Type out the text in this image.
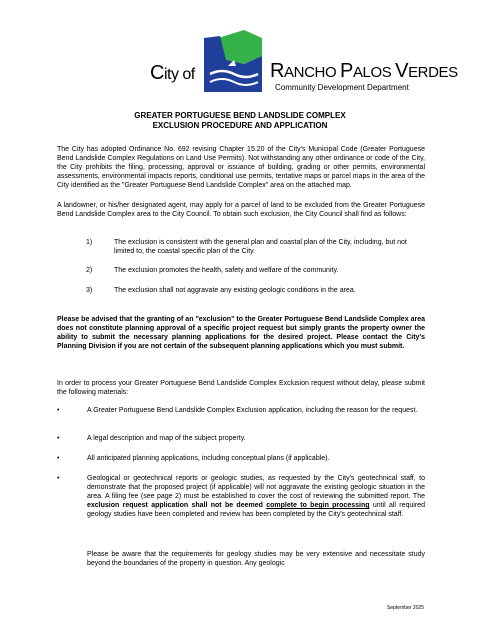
City of	RANCHO PALOS VERDES
Community Development Department
GREATER PORTUGUESE BEND LANDSLIDE COMPLEX
EXCLUSION PROCEDURE AND APPLICATION

The City has adopted Ordinance No. 692 revising Chapter 15.20 of the City's Municipal Code (Greater Portuguese Bend Landslide Complex Regulations on Land Use Permits). Not withstanding any other ordinance or code of the City, the City prohibits the filing, processing, approval or issuance of building, grading or other permits, environmental assessments, environmental impacts reports, conditional use permits, tentative maps or parcel maps in the area of the City identified as the "Greater Portuguese Bend Landslide Complex" area on the attached map.

A landowner, or his/her designated agent, may apply for a parcel of land to be excluded from the Greater Portuguese Bend Landslide Complex area to the City Council. To obtain such exclusion, the City Council shall find as follows:

1)	The exclusion is consistent with the general plan and coastal plan of the City, including, but not limited to, the coastal specific plan of the City.
2)	The exclusion promotes the health, safety and welfare of the community.
3)	The exclusion shall not aggravate any existing geologic conditions in the area.

Please be advised that the granting of an "exclusion" to the Greater Portuguese Bend Landslide Complex area does not constitute planning approval of a specific project request but simply grants the property owner the ability to submit the necessary planning applications for the desired project. Please contact the City's Planning Division if you are not certain of the subsequent planning applications which you must submit.

In order to process your Greater Portuguese Bend Landslide Complex Exclusion request without delay, please submit the following materials:

•	A Greater Portuguese Bend Landslide Complex Exclusion application, including the reason for the request.
•	A legal description and map of the subject property.
•	All anticipated planning applications, including conceptual plans (if applicable).
•	Geological or geotechnical reports or geologic studies, as requested by the City's geotechnical staff, to demonstrate that the proposed project (if applicable) will not aggravate the existing geologic situation in the area. A filing fee (see page 2) must be established to cover the cost of reviewing the submitted report. The exclusion request application shall not be deemed complete to begin processing until all required geology studies have been completed and review has been completed by the City's geotechnical staff.

Please be aware that the requirements for geology studies may be very extensive and necessitate study beyond the boundaries of the property in question. Any geologic

September 2025
